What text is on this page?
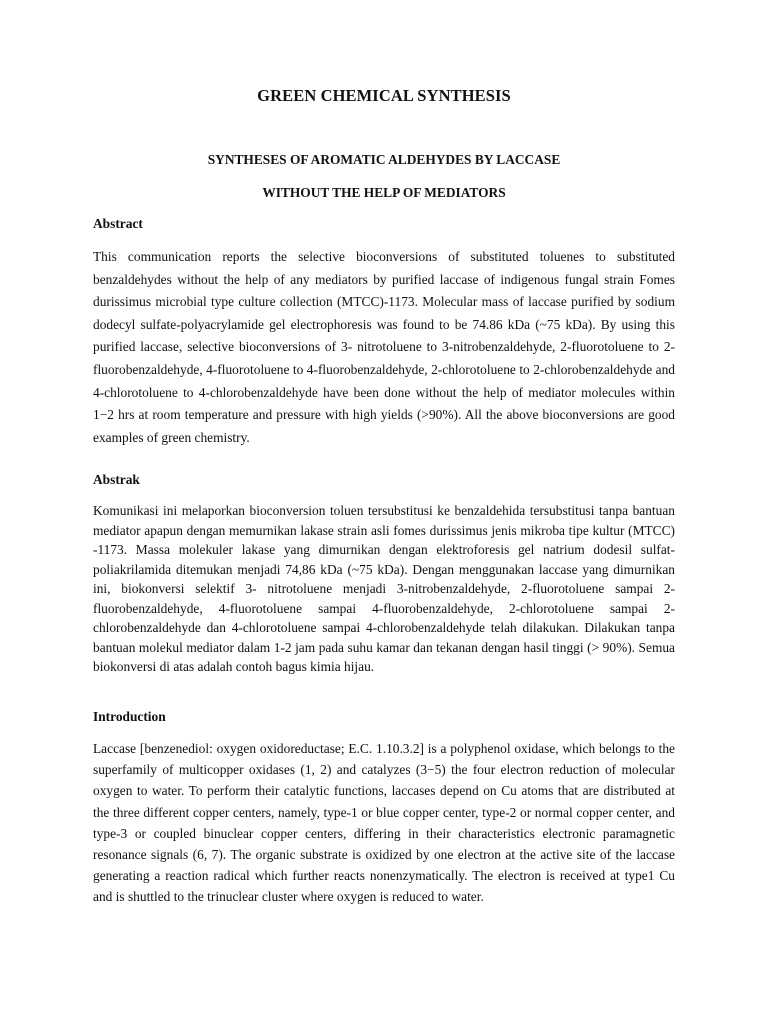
GREEN CHEMICAL SYNTHESIS
SYNTHESES OF AROMATIC ALDEHYDES BY LACCASE
WITHOUT THE HELP OF MEDIATORS
Abstract
This communication reports the selective bioconversions of substituted toluenes to substituted benzaldehydes without the help of any mediators by purified laccase of indigenous fungal strain Fomes durissimus microbial type culture collection (MTCC)-1173. Molecular mass of laccase purified by sodium dodecyl sulfate-polyacrylamide gel electrophoresis was found to be 74.86 kDa (~75 kDa). By using this purified laccase, selective bioconversions of 3- nitrotoluene to 3-nitrobenzaldehyde, 2-fluorotoluene to 2-fluorobenzaldehyde, 4-fluorotoluene to 4-fluorobenzaldehyde, 2-chlorotoluene to 2-chlorobenzaldehyde and 4-chlorotoluene to 4-chlorobenzaldehyde have been done without the help of mediator molecules within 1−2 hrs at room temperature and pressure with high yields (>90%). All the above bioconversions are good examples of green chemistry.
Abstrak
Komunikasi ini melaporkan bioconversion toluen tersubstitusi ke benzaldehida tersubstitusi tanpa bantuan mediator apapun dengan memurnikan lakase strain asli fomes durissimus jenis mikroba tipe kultur (MTCC) -1173. Massa molekuler lakase yang dimurnikan dengan elektroforesis gel natrium dodesil sulfat-poliakrilamida ditemukan menjadi 74,86 kDa (~75 kDa). Dengan menggunakan laccase yang dimurnikan ini, biokonversi selektif 3- nitrotoluene menjadi 3-nitrobenzaldehyde, 2-fluorotoluene sampai 2-fluorobenzaldehyde, 4-fluorotoluene sampai 4-fluorobenzaldehyde, 2-chlorotoluene sampai 2-chlorobenzaldehyde dan 4-chlorotoluene sampai 4-chlorobenzaldehyde telah dilakukan. Dilakukan tanpa bantuan molekul mediator dalam 1-2 jam pada suhu kamar dan tekanan dengan hasil tinggi (> 90%). Semua biokonversi di atas adalah contoh bagus kimia hijau.
Introduction
Laccase [benzenediol: oxygen oxidoreductase; E.C. 1.10.3.2] is a polyphenol oxidase, which belongs to the superfamily of multicopper oxidases (1, 2) and catalyzes (3−5) the four electron reduction of molecular oxygen to water. To perform their catalytic functions, laccases depend on Cu atoms that are distributed at the three different copper centers, namely, type-1 or blue copper center, type-2 or normal copper center, and type-3 or coupled binuclear copper centers, differing in their characteristics electronic paramagnetic resonance signals (6, 7). The organic substrate is oxidized by one electron at the active site of the laccase generating a reaction radical which further reacts nonenzymatically. The electron is received at type1 Cu and is shuttled to the trinuclear cluster where oxygen is reduced to water.
